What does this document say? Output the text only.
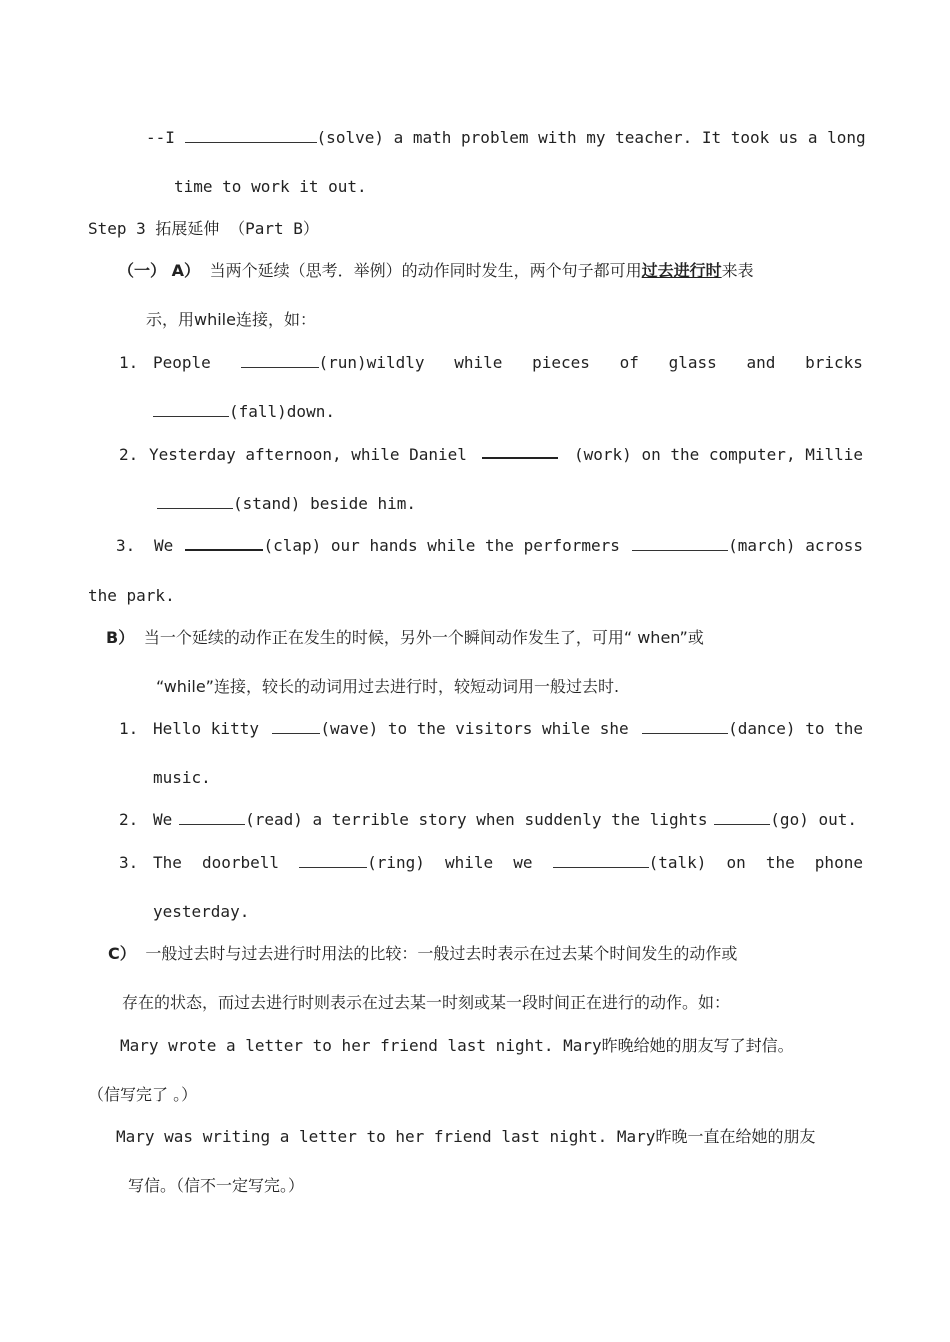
--I	(solve) a math problem with my teacher. It took us a long
time to work it out.
Step 3 拓展延伸 （Part B）
（一） A） 当两个延续（思考．举例）的动作同时发生，两个句子都可用过去进行时来表
示，用while连接，如：
1. People	(run)wildly while pieces of glass and bricks
(fall)down.
2. Yesterday afternoon, while Daniel	(work) on the computer, Millie
(stand) beside him.
3. We	(clap) our hands while the performers	(march) across
the park.
B） 当一个延续的动作正在发生的时候，另外一个瞬间动作发生了，可用“ when”或
“while”连接，较长的动词用过去进行时，较短动词用一般过去时.
1. Hello kitty	(wave) to the visitors while she	(dance) to the
music.
2. We	(read) a terrible story when suddenly the lights	(go) out.
3. The doorbell	(ring) while we	(talk) on the phone
yesterday.
C） 一般过去时与过去进行时用法的比较：一般过去时表示在过去某个时间发生的动作或
存在的状态，而过去进行时则表示在过去某一时刻或某一段时间正在进行的动作。如：
Mary wrote a letter to her friend last night. Mary昨晚给她的朋友写了封信。
（信写完了 。）
Mary was writing a letter to her friend last night. Mary昨晚一直在给她的朋友
写信。（信不一定写完。）
